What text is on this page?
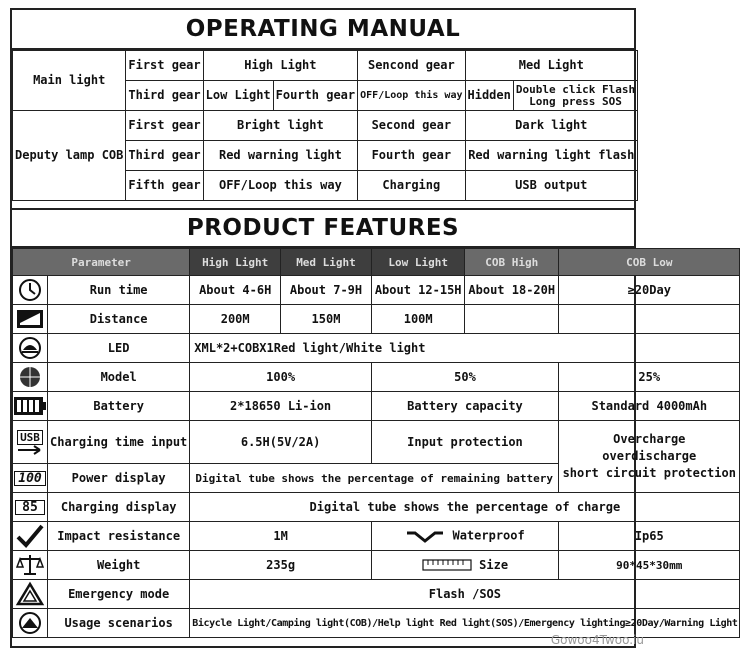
OPERATING MANUAL
Main light	First gear	High Light		Sencond gear	Med Light	
	Third gear	Low Light	Fourth gear	OFF/Loop this way	Hidden	Double click Flash
Long press SOS

Deputy lamp COB	First gear	Bright light		Second gear	Dark light	
	Third gear	Red warning light		Fourth gear	Red warning light flash	
	Fifth gear	OFF/Loop this way		Charging	USB output	
PRODUCT FEATURES
Parameter		High Light	Med Light	Low Light	COB High	COB Low

	Run time	About 4-6H	About 7-9H	About 12-15H	About 18-20H	≥20Day

	Distance	200M	150M	100M		

	LED	XML*2+COBX1Red light/White light				

	Model	100%		50%		25%

	Battery	2*18650 Li-ion		Battery capacity		Standard 4000mAh
USB	Charging time input	6.5H(5V/2A)		Input protection		Overcharge
overdischarge
short circuit protection

100	Power display	Digital tube shows the percentage of remaining battery				
85	Charging display	Digital tube shows the percentage of charge				

	Impact resistance	1M		Waterproof		Ip65

	Weight	235g		Size		90*45*30mm

	Emergency mode	Flash /SOS				

	Usage scenarios	Bicycle Light/Camping light(COB)/Help light Red light(SOS)/Emergency lighting≥20Day/Warning Light				
Gowoo4Twoo.iu
